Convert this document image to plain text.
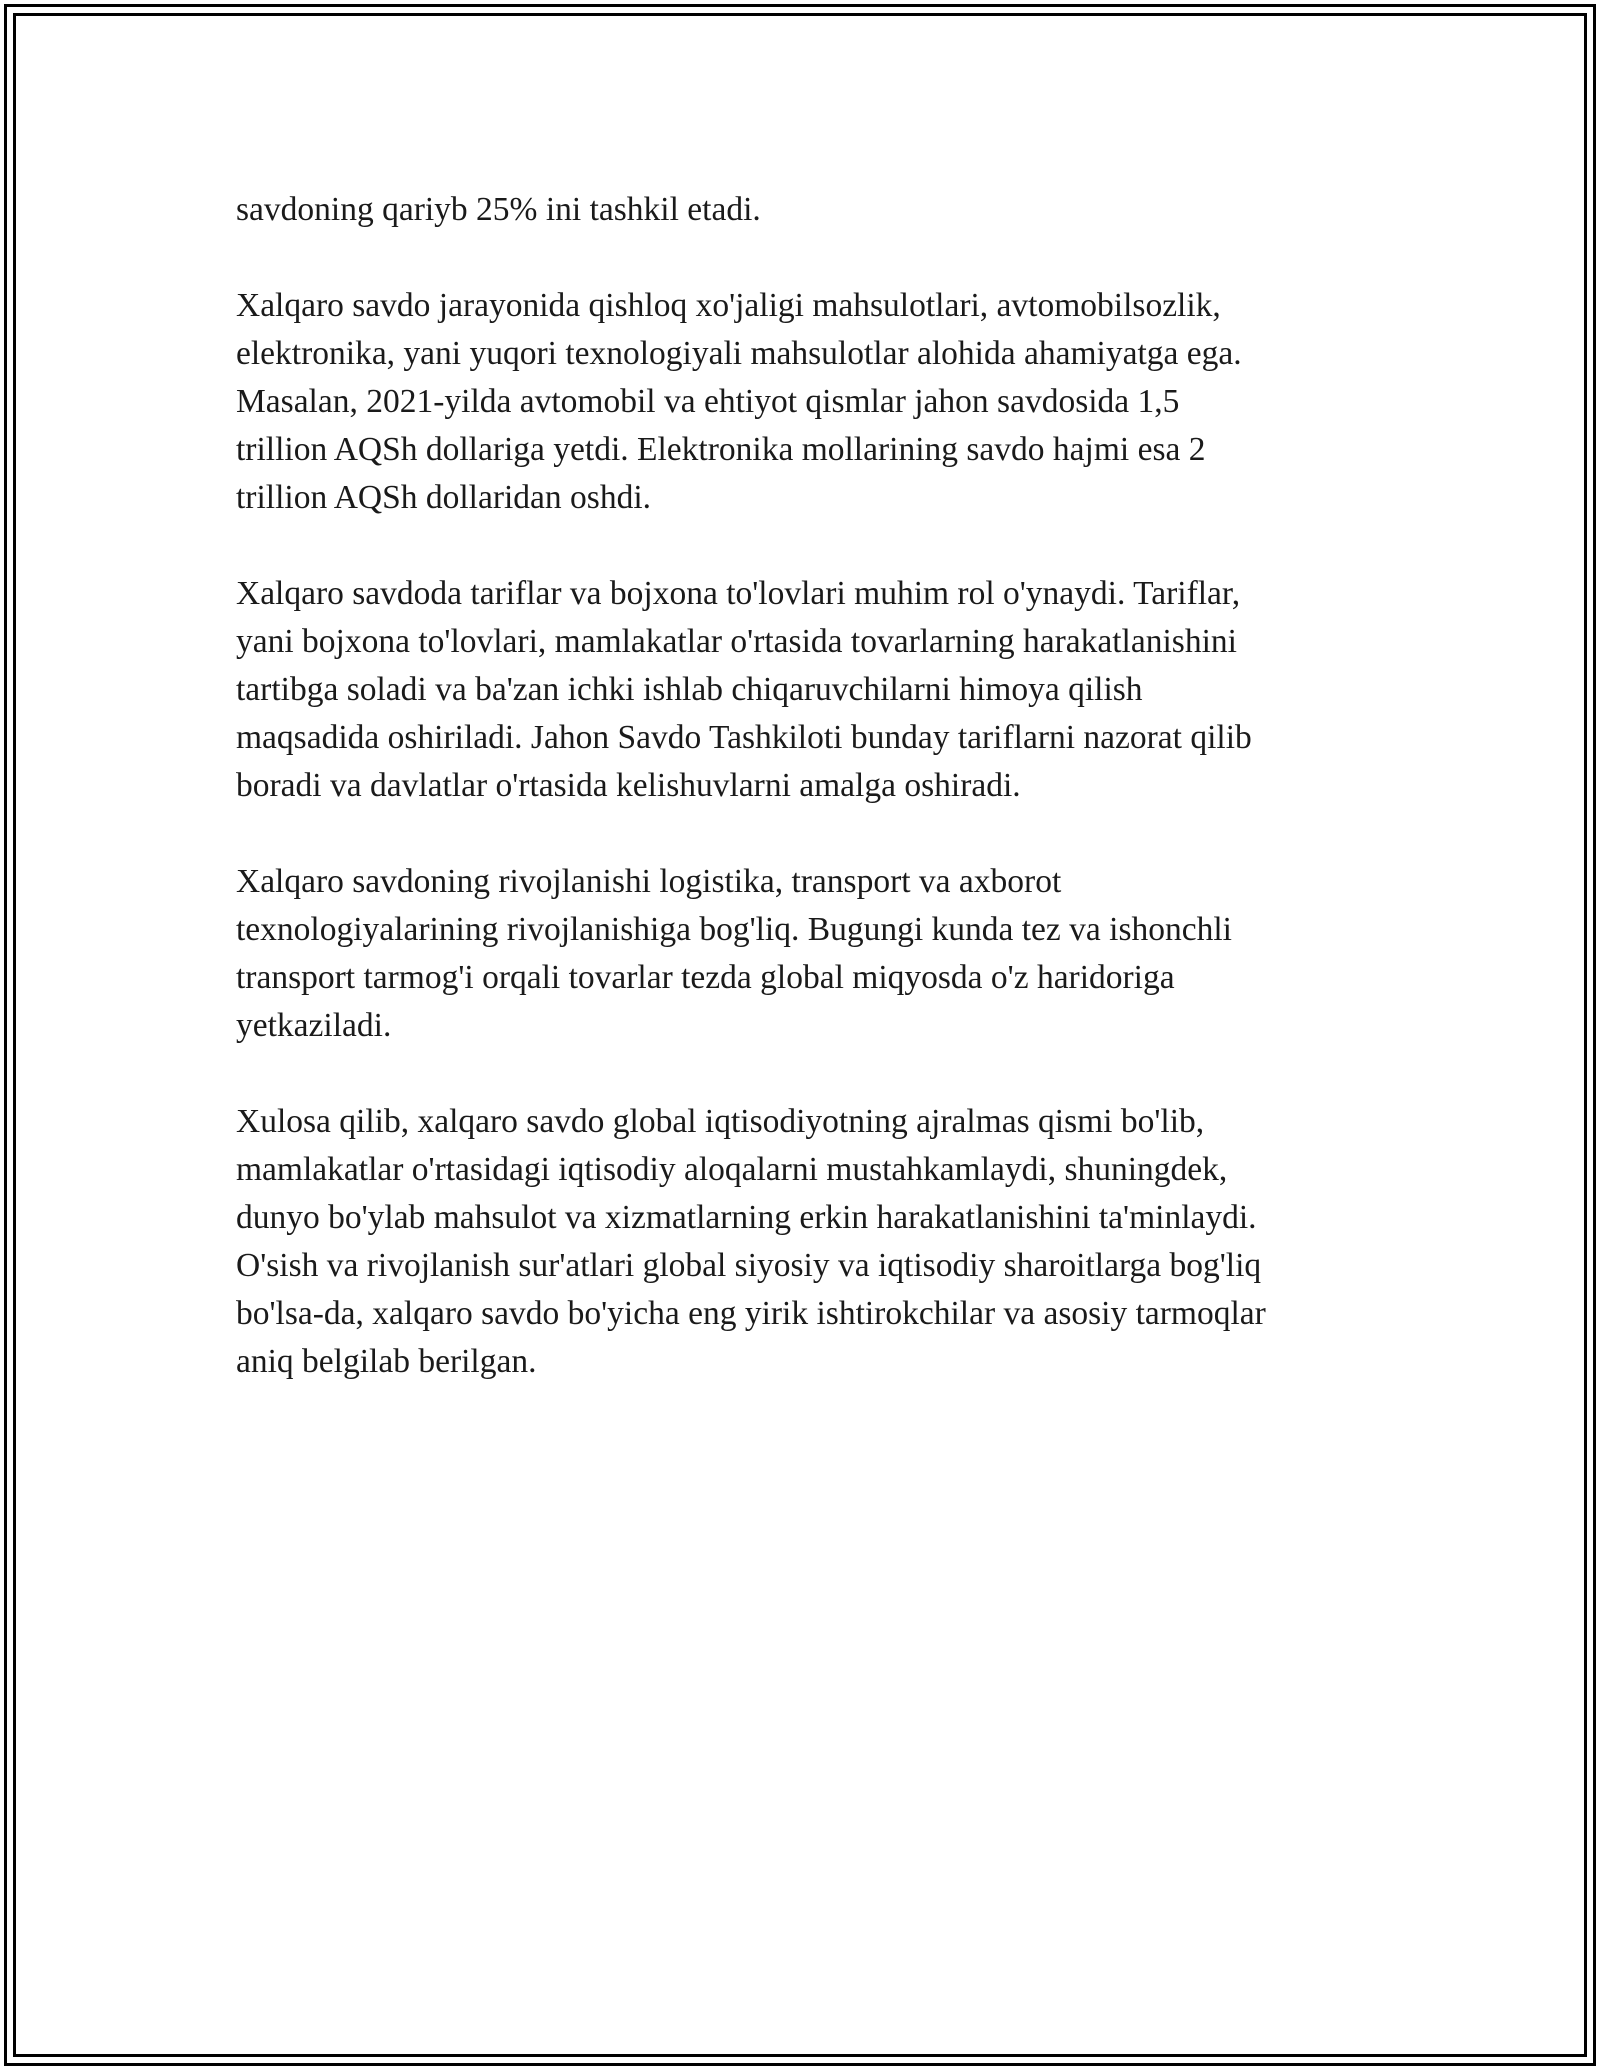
savdoning qariyb 25% ini tashkil etadi.

Xalqaro savdo jarayonida qishloq xo'jaligi mahsulotlari, avtomobilsozlik,
elektronika, yani yuqori texnologiyali mahsulotlar alohida ahamiyatga ega.
Masalan, 2021-yilda avtomobil va ehtiyot qismlar jahon savdosida 1,5
trillion AQSh dollariga yetdi. Elektronika mollarining savdo hajmi esa 2
trillion AQSh dollaridan oshdi.

Xalqaro savdoda tariflar va bojxona to'lovlari muhim rol o'ynaydi. Tariflar,
yani bojxona to'lovlari, mamlakatlar o'rtasida tovarlarning harakatlanishini
tartibga soladi va ba'zan ichki ishlab chiqaruvchilarni himoya qilish
maqsadida oshiriladi. Jahon Savdo Tashkiloti bunday tariflarni nazorat qilib
boradi va davlatlar o'rtasida kelishuvlarni amalga oshiradi.

Xalqaro savdoning rivojlanishi logistika, transport va axborot
texnologiyalarining rivojlanishiga bog'liq. Bugungi kunda tez va ishonchli
transport tarmog'i orqali tovarlar tezda global miqyosda o'z haridoriga
yetkaziladi.

Xulosa qilib, xalqaro savdo global iqtisodiyotning ajralmas qismi bo'lib,
mamlakatlar o'rtasidagi iqtisodiy aloqalarni mustahkamlaydi, shuningdek,
dunyo bo'ylab mahsulot va xizmatlarning erkin harakatlanishini ta'minlaydi.
O'sish va rivojlanish sur'atlari global siyosiy va iqtisodiy sharoitlarga bog'liq
bo'lsa-da, xalqaro savdo bo'yicha eng yirik ishtirokchilar va asosiy tarmoqlar
aniq belgilab berilgan.
